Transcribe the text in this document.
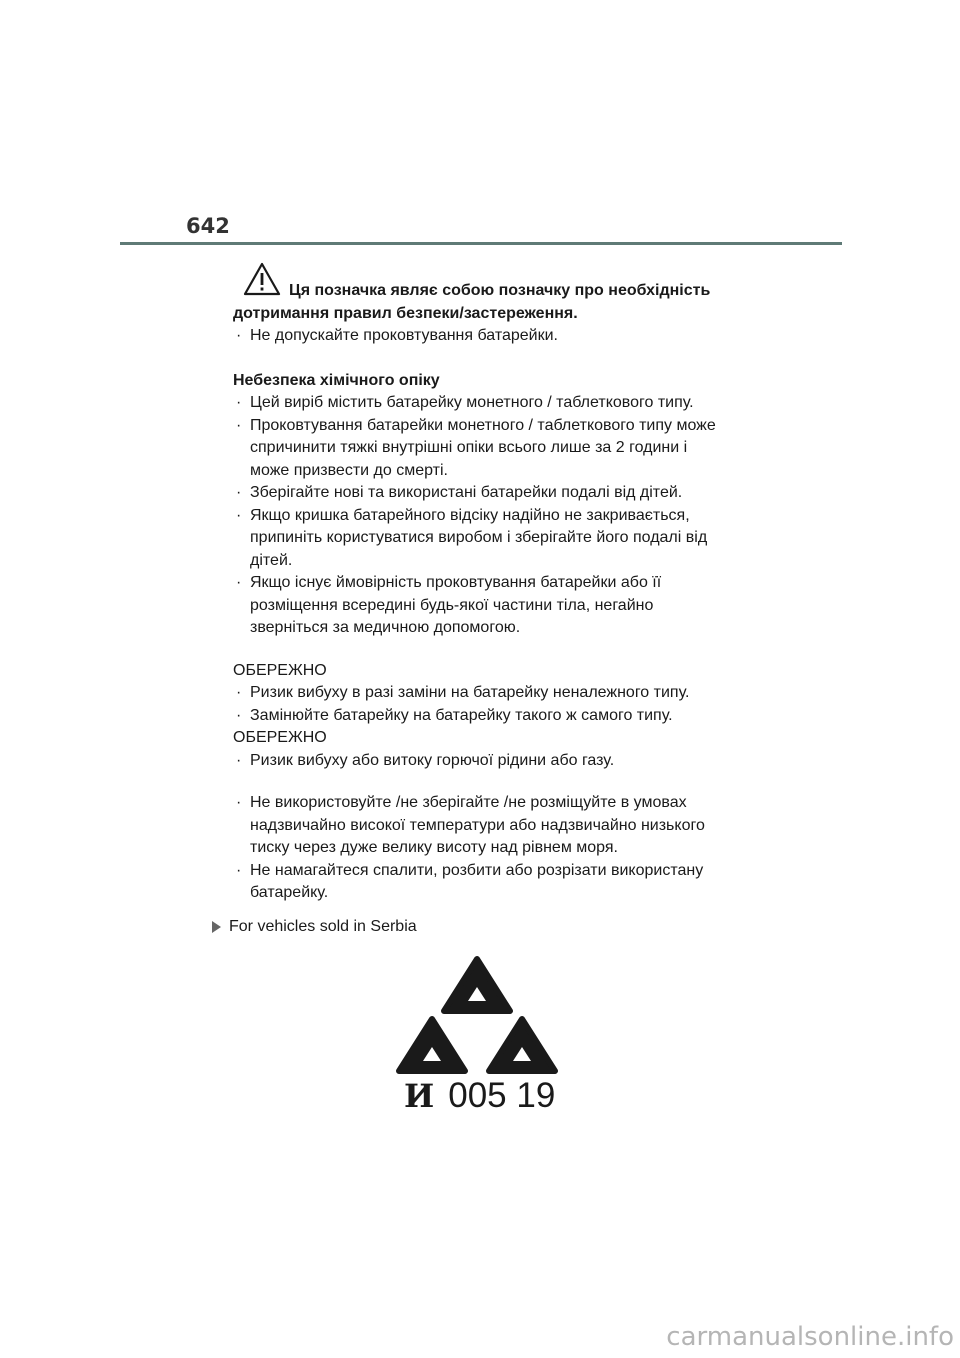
642
Ця позначка являє собою позначку про необхідність
дотримання правил безпеки/застереження.
· Не допускайте проковтування батарейки.
Небезпека хімічного опіку
· Цей виріб містить батарейку монетного / таблеткового типу.
· Проковтування батарейки монетного / таблеткового типу може
спричинити тяжкі внутрішні опіки всього лише за 2 години і
може призвести до смерті.
· Зберігайте нові та використані батарейки подалі від дітей.
· Якщо кришка батарейного відсіку надійно не закривається,
припиніть користуватися виробом і зберігайте його подалі від
дітей.
· Якщо існує ймовірність проковтування батарейки або її
розміщення всередині будь-якої частини тіла, негайно
зверніться за медичною допомогою.
ОБЕРЕЖНО
· Ризик вибуху в разі заміни на батарейку неналежного типу.
· Замінюйте батарейку на батарейку такого ж самого типу.
ОБЕРЕЖНО
· Ризик вибуху або витоку горючої рідини або газу.
· Не використовуйте /не зберігайте /не розміщуйте в умовах
надзвичайно високої температури або надзвичайно низького
тиску через дуже велику висоту над рівнем моря.
· Не намагайтеся спалити, розбити або розрізати використану
батарейку.
For vehicles sold in Serbia
И 005 19
carmanualsonline.info
